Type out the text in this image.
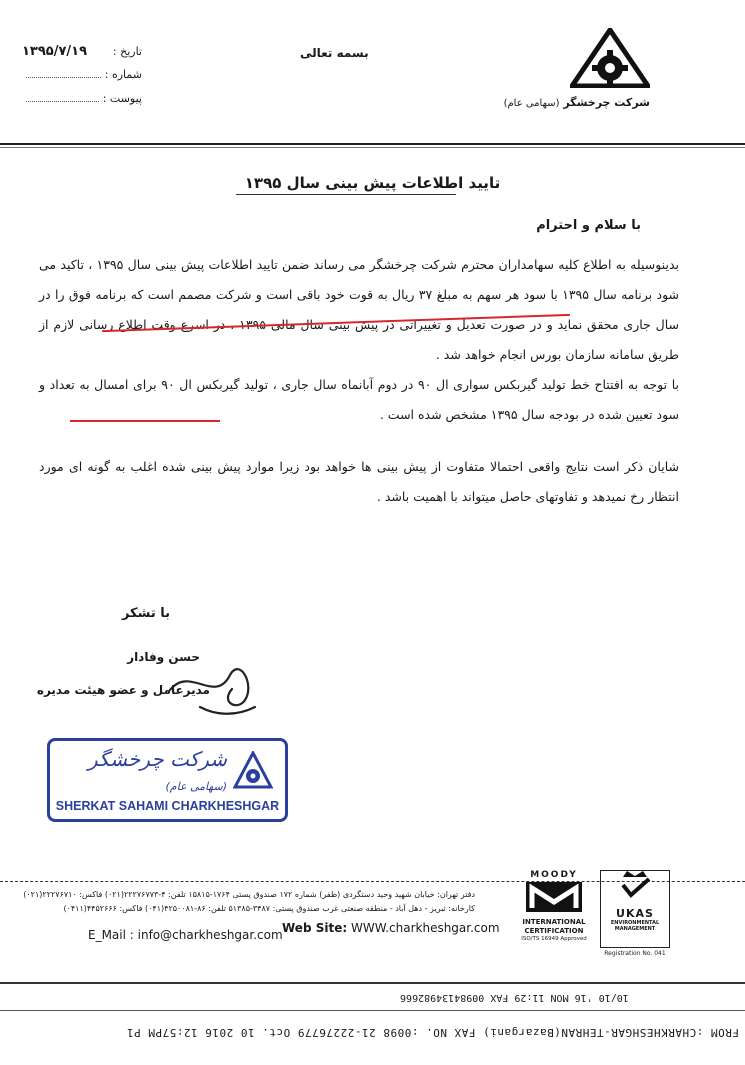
شرکت چرخشگر (سهامی عام)
بسمه تعالی
۱۳۹۵/۷/۱۹ تاریخ :
شماره :
پیوست :
تایید اطلاعات پیش بینی سال ۱۳۹۵
با سلام و احترام
بدینوسیله به اطلاع کلیه سهامداران محترم شرکت چرخشگر می رساند ضمن تایید اطلاعات پیش بینی سال ۱۳۹۵ ، تاکید می شود برنامه سال ۱۳۹۵ با سود هر سهم به مبلغ ۳۷ ریال به قوت خود باقی است و شرکت مصمم است که برنامه فوق را در سال جاری محقق نماید و در صورت تعدیل و تغییراتی در پیش بینی سال مالی ۱۳۹۵ ، در اسرع وقت اطلاع رسانی لازم از طریق سامانه سازمان بورس انجام خواهد شد .
با توجه به افتتاح خط تولید گیربکس سواری ال ۹۰ در دوم آبانماه سال جاری ، تولید گیربکس ال ۹۰ برای امسال به تعداد و سود تعیین شده در بودجه سال ۱۳۹۵ مشخص شده است .
شایان ذکر است نتایج واقعی احتمالا متفاوت از پیش بینی ها خواهد بود زیرا موارد پیش بینی شده اغلب به گونه ای مورد انتظار رخ نمیدهد و تفاوتهای حاصل میتواند با اهمیت باشد .
با تشکر
حسن وفادار
مدیرعامل و عضو هیئت مدیره
شرکت چرخشگر (سهامی عام)
SHERKAT SAHAMI CHARKHESHGAR
دفتر تهران: خیابان شهید وحید دستگردی (ظفر) شماره ۱۷۲ صندوق پستی ۱۷۶۴-۱۵۸۱۵ تلفن: ۴-۲۲۲۷۶۷۷۳(۰۲۱) فاکس: ۲۲۲۷۶۷۱۰(۰۲۱)
کارخانه: تبریز - دهل آباد - منطقه صنعتی غرب صندوق پستی: ۳۴۸۷-۵۱۳۸۵ تلفن: ۸۶-۴۲۵۰۰۸۱(۰۴۱) فاکس: ۴۴۵۲۶۶۶(۰۴۱۱)
E_Mail : info@charkheshgar.com Web Site: WWW.charkheshgar.com
MOODY
INTERNATIONAL
CERTIFICATION
ISO/TS 16949 Approved
UKAS
ENVIRONMENTAL MANAGEMENT
Registration No. 041
10/10 '16 MON 11:29 FAX 00984134982666
FROM :CHARKHESHGAR-TEHRAN(Bazargani) FAX NO. :0098 21-22276779 Oct. 10 2016 12:57PM P1
